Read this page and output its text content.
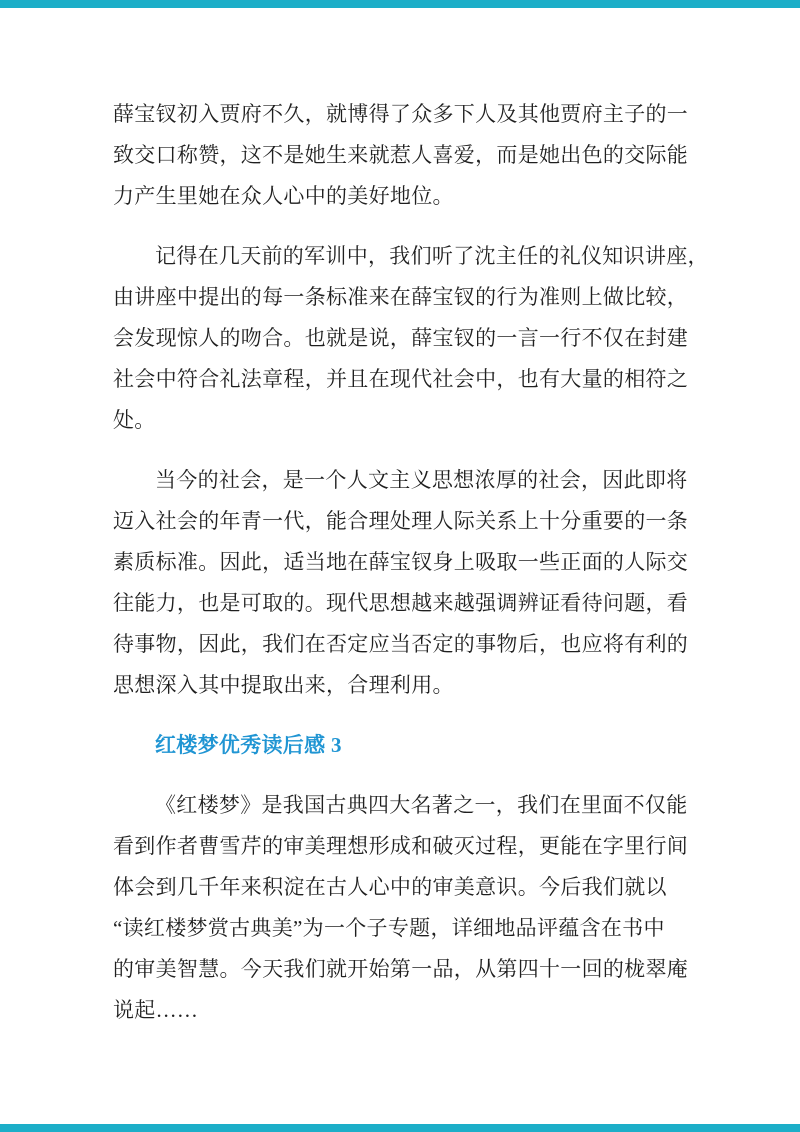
薛宝钗初入贾府不久，就博得了众多下人及其他贾府主子的一
致交口称赞，这不是她生来就惹人喜爱，而是她出色的交际能
力产生里她在众人心中的美好地位。
记得在几天前的军训中，我们听了沈主任的礼仪知识讲座，
由讲座中提出的每一条标准来在薛宝钗的行为准则上做比较，
会发现惊人的吻合。也就是说，薛宝钗的一言一行不仅在封建
社会中符合礼法章程，并且在现代社会中，也有大量的相符之
处。
当今的社会，是一个人文主义思想浓厚的社会，因此即将
迈入社会的年青一代，能合理处理人际关系上十分重要的一条
素质标准。因此，适当地在薛宝钗身上吸取一些正面的人际交
往能力，也是可取的。现代思想越来越强调辨证看待问题，看
待事物，因此，我们在否定应当否定的事物后，也应将有利的
思想深入其中提取出来，合理利用。
红楼梦优秀读后感 3
《红楼梦》是我国古典四大名著之一，我们在里面不仅能
看到作者曹雪芹的审美理想形成和破灭过程，更能在字里行间
体会到几千年来积淀在古人心中的审美意识。今后我们就以
“读红楼梦赏古典美”为一个子专题，详细地品评蕴含在书中
的审美智慧。今天我们就开始第一品，从第四十一回的栊翠庵
说起……
